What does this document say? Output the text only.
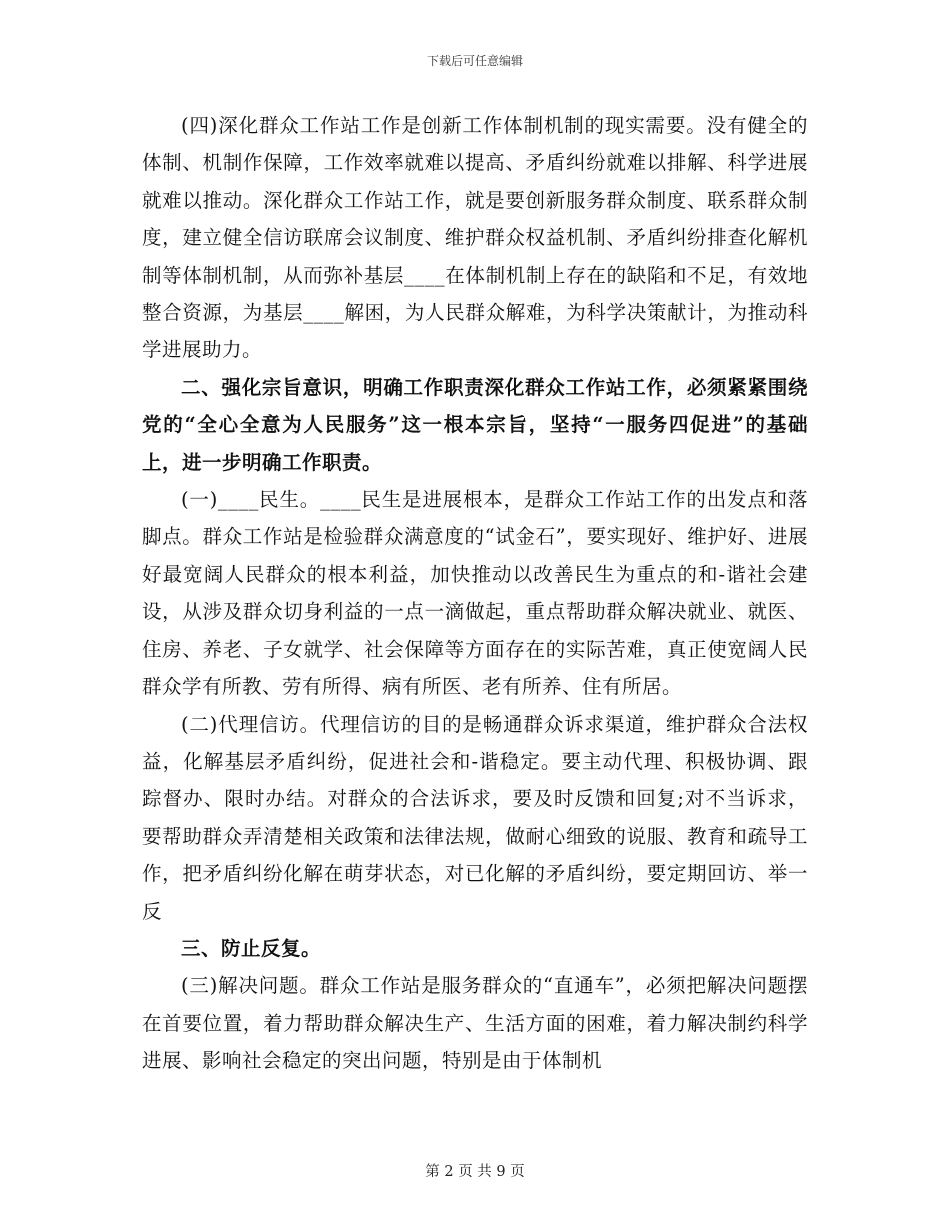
下载后可任意编辑

(四)深化群众工作站工作是创新工作体制机制的现实需要。没有健全的体制、机制作保障，工作效率就难以提高、矛盾纠纷就难以排解、科学进展就难以推动。深化群众工作站工作，就是要创新服务群众制度、联系群众制度，建立健全信访联席会议制度、维护群众权益机制、矛盾纠纷排查化解机制等体制机制，从而弥补基层____在体制机制上存在的缺陷和不足，有效地整合资源，为基层____解困，为人民群众解难，为科学决策献计，为推动科学进展助力。

二、强化宗旨意识，明确工作职责深化群众工作站工作，必须紧紧围绕党的“全心全意为人民服务”这一根本宗旨，坚持“一服务四促进”的基础上，进一步明确工作职责。

(一)____民生。____民生是进展根本，是群众工作站工作的出发点和落脚点。群众工作站是检验群众满意度的“试金石”，要实现好、维护好、进展好最宽阔人民群众的根本利益，加快推动以改善民生为重点的和-谐社会建设，从涉及群众切身利益的一点一滴做起，重点帮助群众解决就业、就医、住房、养老、子女就学、社会保障等方面存在的实际苦难，真正使宽阔人民群众学有所教、劳有所得、病有所医、老有所养、住有所居。

(二)代理信访。代理信访的目的是畅通群众诉求渠道，维护群众合法权益，化解基层矛盾纠纷，促进社会和-谐稳定。要主动代理、积极协调、跟踪督办、限时办结。对群众的合法诉求，要及时反馈和回复;对不当诉求，要帮助群众弄清楚相关政策和法律法规，做耐心细致的说服、教育和疏导工作，把矛盾纠纷化解在萌芽状态，对已化解的矛盾纠纷，要定期回访、举一反

三、防止反复。

(三)解决问题。群众工作站是服务群众的“直通车”，必须把解决问题摆在首要位置，着力帮助群众解决生产、生活方面的困难，着力解决制约科学进展、影响社会稳定的突出问题，特别是由于体制机

第 2 页 共 9 页
